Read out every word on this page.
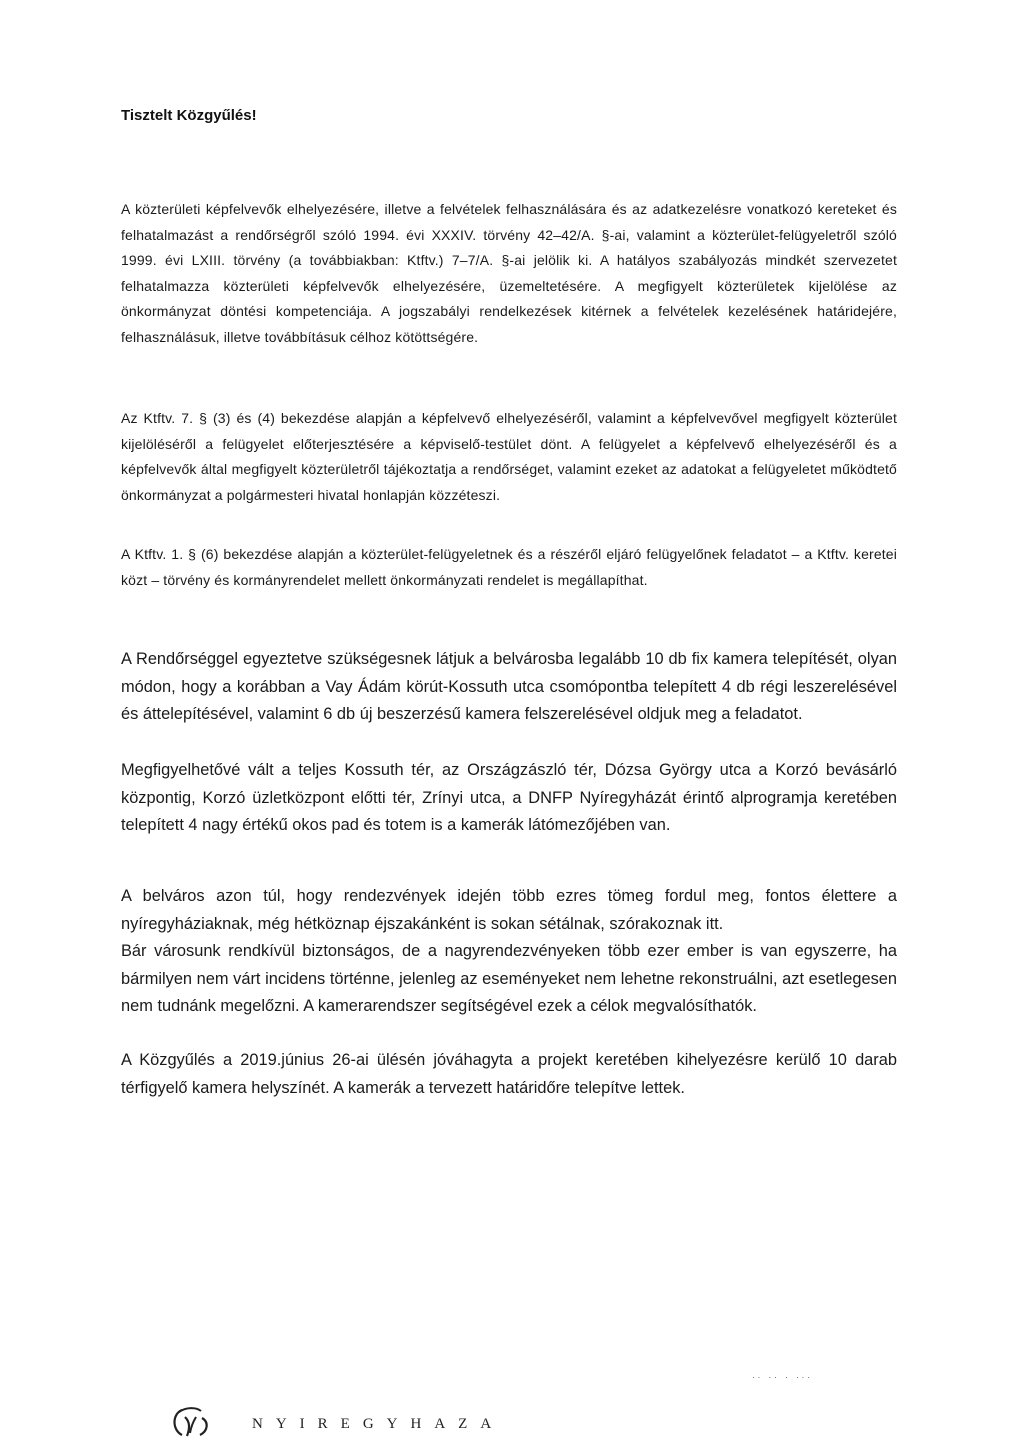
Tisztelt Közgyűlés!

A közterületi képfelvevők elhelyezésére, illetve a felvételek felhasználására és az adatkezelésre vonatkozó kereteket és felhatalmazást a rendőrségről szóló 1994. évi XXXIV. törvény 42–42/A. §-ai, valamint a közterület-felügyeletről szóló 1999. évi LXIII. törvény (a továbbiakban: Ktftv.) 7–7/A. §-ai jelölik ki. A hatályos szabályozás mindkét szervezetet felhatalmazza közterületi képfelvevők elhelyezésére, üzemeltetésére. A megfigyelt közterületek kijelölése az önkormányzat döntési kompetenciája. A jogszabályi rendelkezések kitérnek a felvételek kezelésének határidejére, felhasználásuk, illetve továbbításuk célhoz kötöttségére.

Az Ktftv. 7. § (3) és (4) bekezdése alapján a képfelvevő elhelyezéséről, valamint a képfelvevővel megfigyelt közterület kijelöléséről a felügyelet előterjesztésére a képviselő-testület dönt. A felügyelet a képfelvevő elhelyezéséről és a képfelvevők által megfigyelt közterületről tájékoztatja a rendőrséget, valamint ezeket az adatokat a felügyeletet működtető önkormányzat a polgármesteri hivatal honlapján közzéteszi.

A Ktftv. 1. § (6) bekezdése alapján a közterület-felügyeletnek és a részéről eljáró felügyelőnek feladatot – a Ktftv. keretei közt – törvény és kormányrendelet mellett önkormányzati rendelet is megállapíthat.

A Rendőrséggel egyeztetve szükségesnek látjuk a belvárosba legalább 10 db fix kamera telepítését, olyan módon, hogy a korábban a Vay Ádám körút-Kossuth utca csomópontba telepített 4 db régi leszerelésével és áttelepítésével, valamint 6 db új beszerzésű kamera felszerelésével oldjuk meg a feladatot.

Megfigyelhetővé vált a teljes Kossuth tér, az Országzászló tér, Dózsa György utca a Korzó bevásárló központig, Korzó üzletközpont előtti tér, Zrínyi utca, a DNFP Nyíregyházát érintő alprogramja keretében telepített 4 nagy értékű okos pad és totem is a kamerák látómezőjében van.

A belváros azon túl, hogy rendezvények idején több ezres tömeg fordul meg, fontos élettere a nyíregyháziaknak, még hétköznap éjszakánként is sokan sétálnak, szórakoznak itt.

Bár városunk rendkívül biztonságos, de a nagyrendezvényeken több ezer ember is van egyszerre, ha bármilyen nem várt incidens történne, jelenleg az eseményeket nem lehetne rekonstruálni, azt esetlegesen nem tudnánk megelőzni. A kamerarendszer segítségével ezek a célok megvalósíthatók.

A Közgyűlés a 2019.június 26-ai ülésén jóváhagyta a projekt keretében kihelyezésre kerülő 10 darab térfigyelő kamera helyszínét. A kamerák a tervezett határidőre telepítve lettek.

·· ·· · ···
NYIREGYHAZA
